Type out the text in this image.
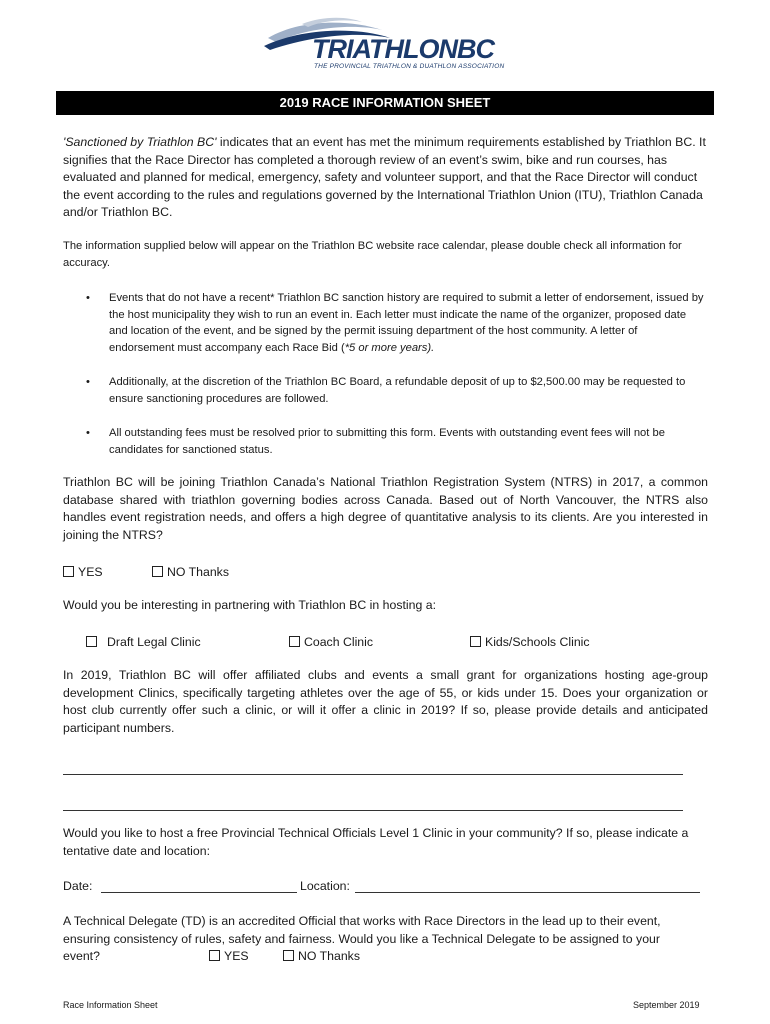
TRIATHLONBC
THE PROVINCIAL TRIATHLON & DUATHLON ASSOCIATION
2019 RACE INFORMATION SHEET

'Sanctioned by Triathlon BC' indicates that an event has met the minimum requirements established by Triathlon BC. It signifies that the Race Director has completed a thorough review of an event’s swim, bike and run courses, has evaluated and planned for medical, emergency, safety and volunteer support, and that the Race Director will conduct the event according to the rules and regulations governed by the International Triathlon Union (ITU), Triathlon Canada and/or Triathlon BC.

The information supplied below will appear on the Triathlon BC website race calendar, please double check all information for accuracy.

• Events that do not have a recent* Triathlon BC sanction history are required to submit a letter of endorsement, issued by the host municipality they wish to run an event in. Each letter must indicate the name of the organizer, proposed date and location of the event, and be signed by the permit issuing department of the host community. A letter of endorsement must accompany each Race Bid (*5 or more years).
• Additionally, at the discretion of the Triathlon BC Board, a refundable deposit of up to $2,500.00 may be requested to ensure sanctioning procedures are followed.
• All outstanding fees must be resolved prior to submitting this form. Events with outstanding event fees will not be candidates for sanctioned status.

Triathlon BC will be joining Triathlon Canada’s National Triathlon Registration System (NTRS) in 2017, a common database shared with triathlon governing bodies across Canada. Based out of North Vancouver, the NTRS also handles event registration needs, and offers a high degree of quantitative analysis to its clients. Are you interested in joining the NTRS?

YES	NO Thanks

Would you be interesting in partnering with Triathlon BC in hosting a:

Draft Legal Clinic	Coach Clinic	Kids/Schools Clinic

In 2019, Triathlon BC will offer affiliated clubs and events a small grant for organizations hosting age-group development Clinics, specifically targeting athletes over the age of 55, or kids under 15. Does your organization or host club currently offer such a clinic, or will it offer a clinic in 2019? If so, please provide details and anticipated participant numbers.

Would you like to host a free Provincial Technical Officials Level 1 Clinic in your community? If so, please indicate a tentative date and location:

Date:	Location:

A Technical Delegate (TD) is an accredited Official that works with Race Directors in the lead up to their event, ensuring consistency of rules, safety and fairness. Would you like a Technical Delegate to be assigned to your

event?	YES	NO Thanks
Race Information Sheet	September 2019
